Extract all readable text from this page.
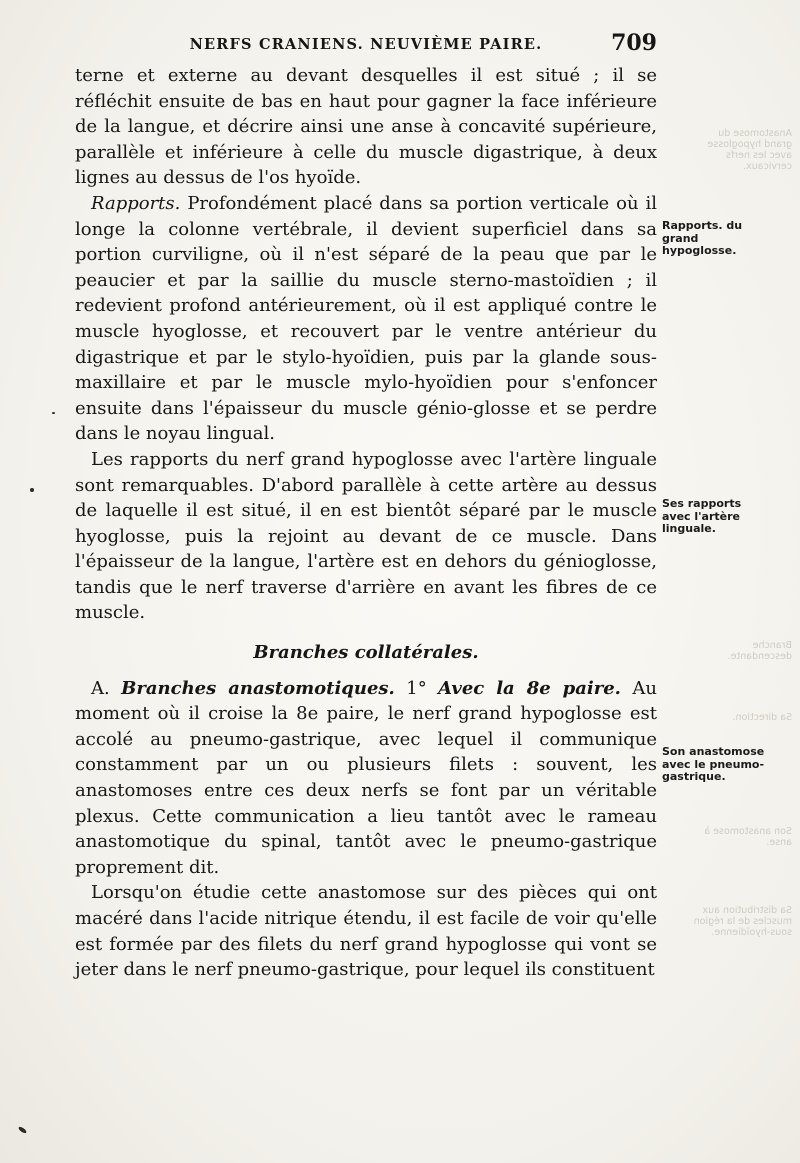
Anastomose du grand hypoglosse avec les nerfs cervicaux.
Branche descendante.
Sa direction.
Son anastomose à anse.
Sa distribution aux muscles de la région sous-hyoïdienne.
NERFS CRANIENS. NEUVIÈME PAIRE.	709

terne et externe au devant desquelles il est situé ; il se réfléchit ensuite de bas en haut pour gagner la face inférieure de la langue, et décrire ainsi une anse à concavité supérieure, parallèle et inférieure à celle du muscle digastrique, à deux lignes au dessus de l'os hyoïde.

Rapports. Profondément placé dans sa portion verticale où il longe la colonne vertébrale, il devient superficiel dans sa portion curviligne, où il n'est séparé de la peau que par le peaucier et par la saillie du muscle sterno-mastoïdien ; il redevient profond antérieurement, où il est appliqué contre le muscle hyoglosse, et recouvert par le ventre antérieur du digastrique et par le stylo-hyoïdien, puis par la glande sous-maxillaire et par le muscle mylo-hyoïdien pour s'enfoncer ensuite dans l'épaisseur du muscle génio-glosse et se perdre dans le noyau lingual.

Les rapports du nerf grand hypoglosse avec l'artère linguale sont remarquables. D'abord parallèle à cette artère au dessus de laquelle il est situé, il en est bientôt séparé par le muscle hyoglosse, puis la rejoint au devant de ce muscle. Dans l'épaisseur de la langue, l'artère est en dehors du génioglosse, tandis que le nerf traverse d'arrière en avant les fibres de ce muscle.

Branches collatérales.

A. Branches anastomotiques. 1° Avec la 8e paire. Au moment où il croise la 8e paire, le nerf grand hypoglosse est accolé au pneumo-gastrique, avec lequel il communique constamment par un ou plusieurs filets : souvent, les anastomoses entre ces deux nerfs se font par un véritable plexus. Cette communication a lieu tantôt avec le rameau anastomotique du spinal, tantôt avec le pneumo-gastrique proprement dit.

Lorsqu'on étudie cette anastomose sur des pièces qui ont macéré dans l'acide nitrique étendu, il est facile de voir qu'elle est formée par des filets du nerf grand hypoglosse qui vont se jeter dans le nerf pneumo-gastrique, pour lequel ils constituent

Rapports. du grand hypoglosse.
Ses rapports avec l'artère linguale.
Son anastomose avec le pneumo-gastrique.
